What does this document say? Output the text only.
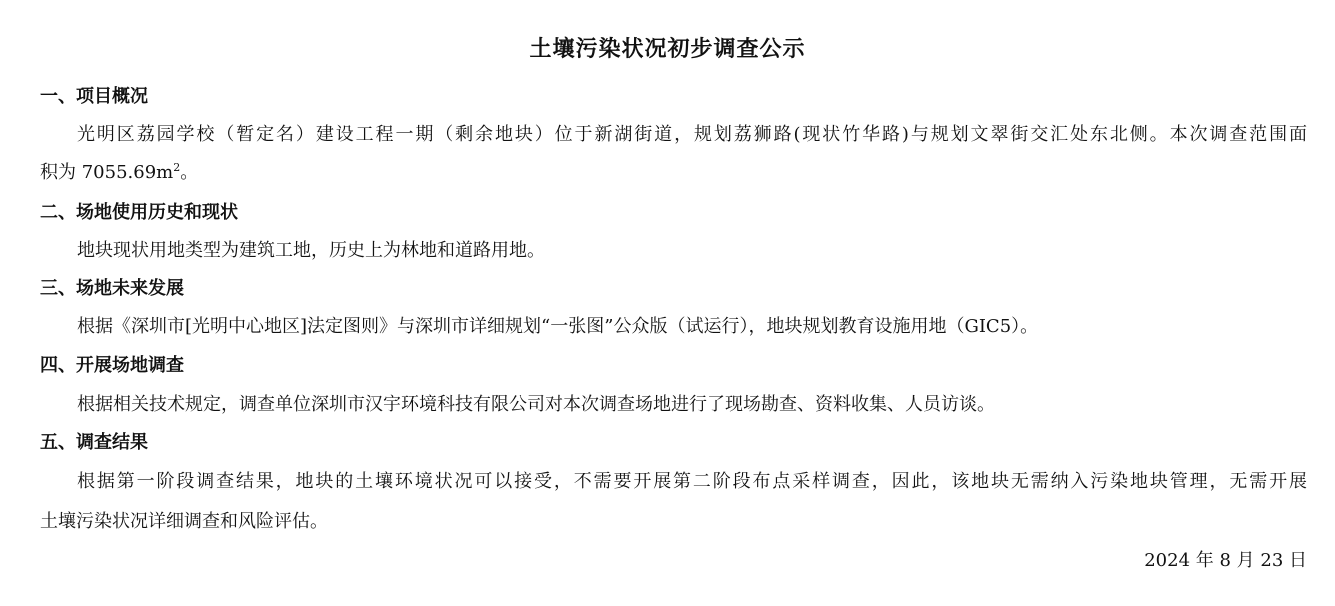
土壤污染状况初步调查公示
一、项目概况

光明区荔园学校（暂定名）建设工程一期（剩余地块）位于新湖街道，规划荔狮路(现状竹华路)与规划文翠街交汇处东北侧。本次调查范围面

积为 $7055.69m^2$。

二、场地使用历史和现状

地块现状用地类型为建筑工地，历史上为林地和道路用地。

三、场地未来发展

根据《深圳市[光明中心地区]法定图则》与深圳市详细规划“一张图”公众版（试运行），地块规划教育设施用地（GIC5）。

四、开展场地调查

根据相关技术规定，调查单位深圳市汉宇环境科技有限公司对本次调查场地进行了现场勘查、资料收集、人员访谈。

五、调查结果

根据第一阶段调查结果，地块的土壤环境状况可以接受，不需要开展第二阶段布点采样调查，因此，该地块无需纳入污染地块管理，无需开展

土壤污染状况详细调查和风险评估。

2024 年 8 月 23 日
